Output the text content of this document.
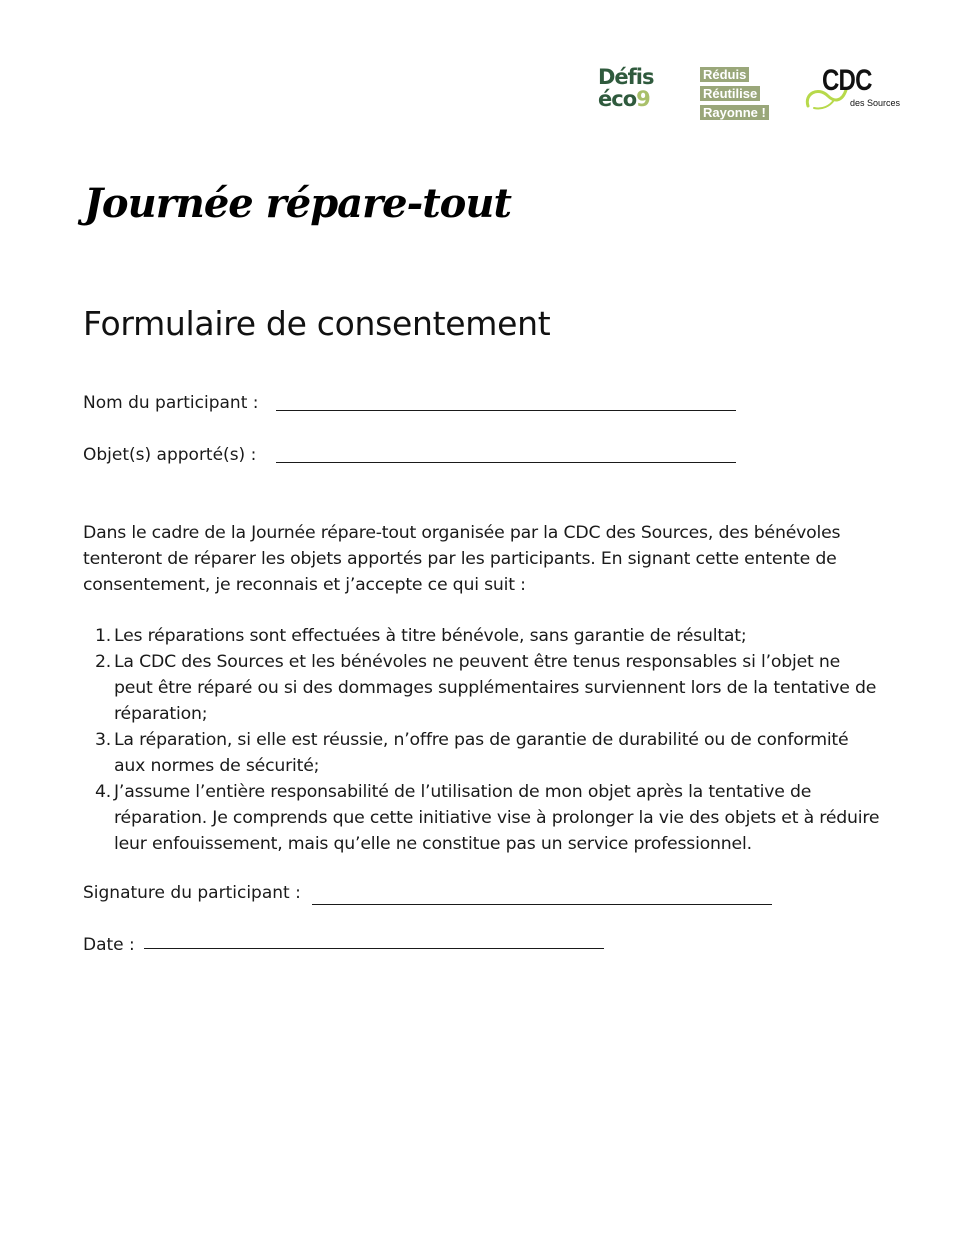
Défis
éco9
Réduis
Réutilise
Rayonne !
CDC
des Sources
Journée répare-tout
Formulaire de consentement
Nom du participant :
Objet(s) apporté(s) :

Dans le cadre de la Journée répare-tout organisée par la CDC des Sources, des bénévoles tenteront de réparer les objets apportés par les participants. En signant cette entente de consentement, je reconnais et j’accepte ce qui suit :

1. Les réparations sont effectuées à titre bénévole, sans garantie de résultat;
2. La CDC des Sources et les bénévoles ne peuvent être tenus responsables si l’objet ne peut être réparé ou si des dommages supplémentaires surviennent lors de la tentative de réparation;
3. La réparation, si elle est réussie, n’offre pas de garantie de durabilité ou de conformité aux normes de sécurité;
4. J’assume l’entière responsabilité de l’utilisation de mon objet après la tentative de réparation. Je comprends que cette initiative vise à prolonger la vie des objets et à réduire leur enfouissement, mais qu’elle ne constitue pas un service professionnel.
Signature du participant :
Date :
